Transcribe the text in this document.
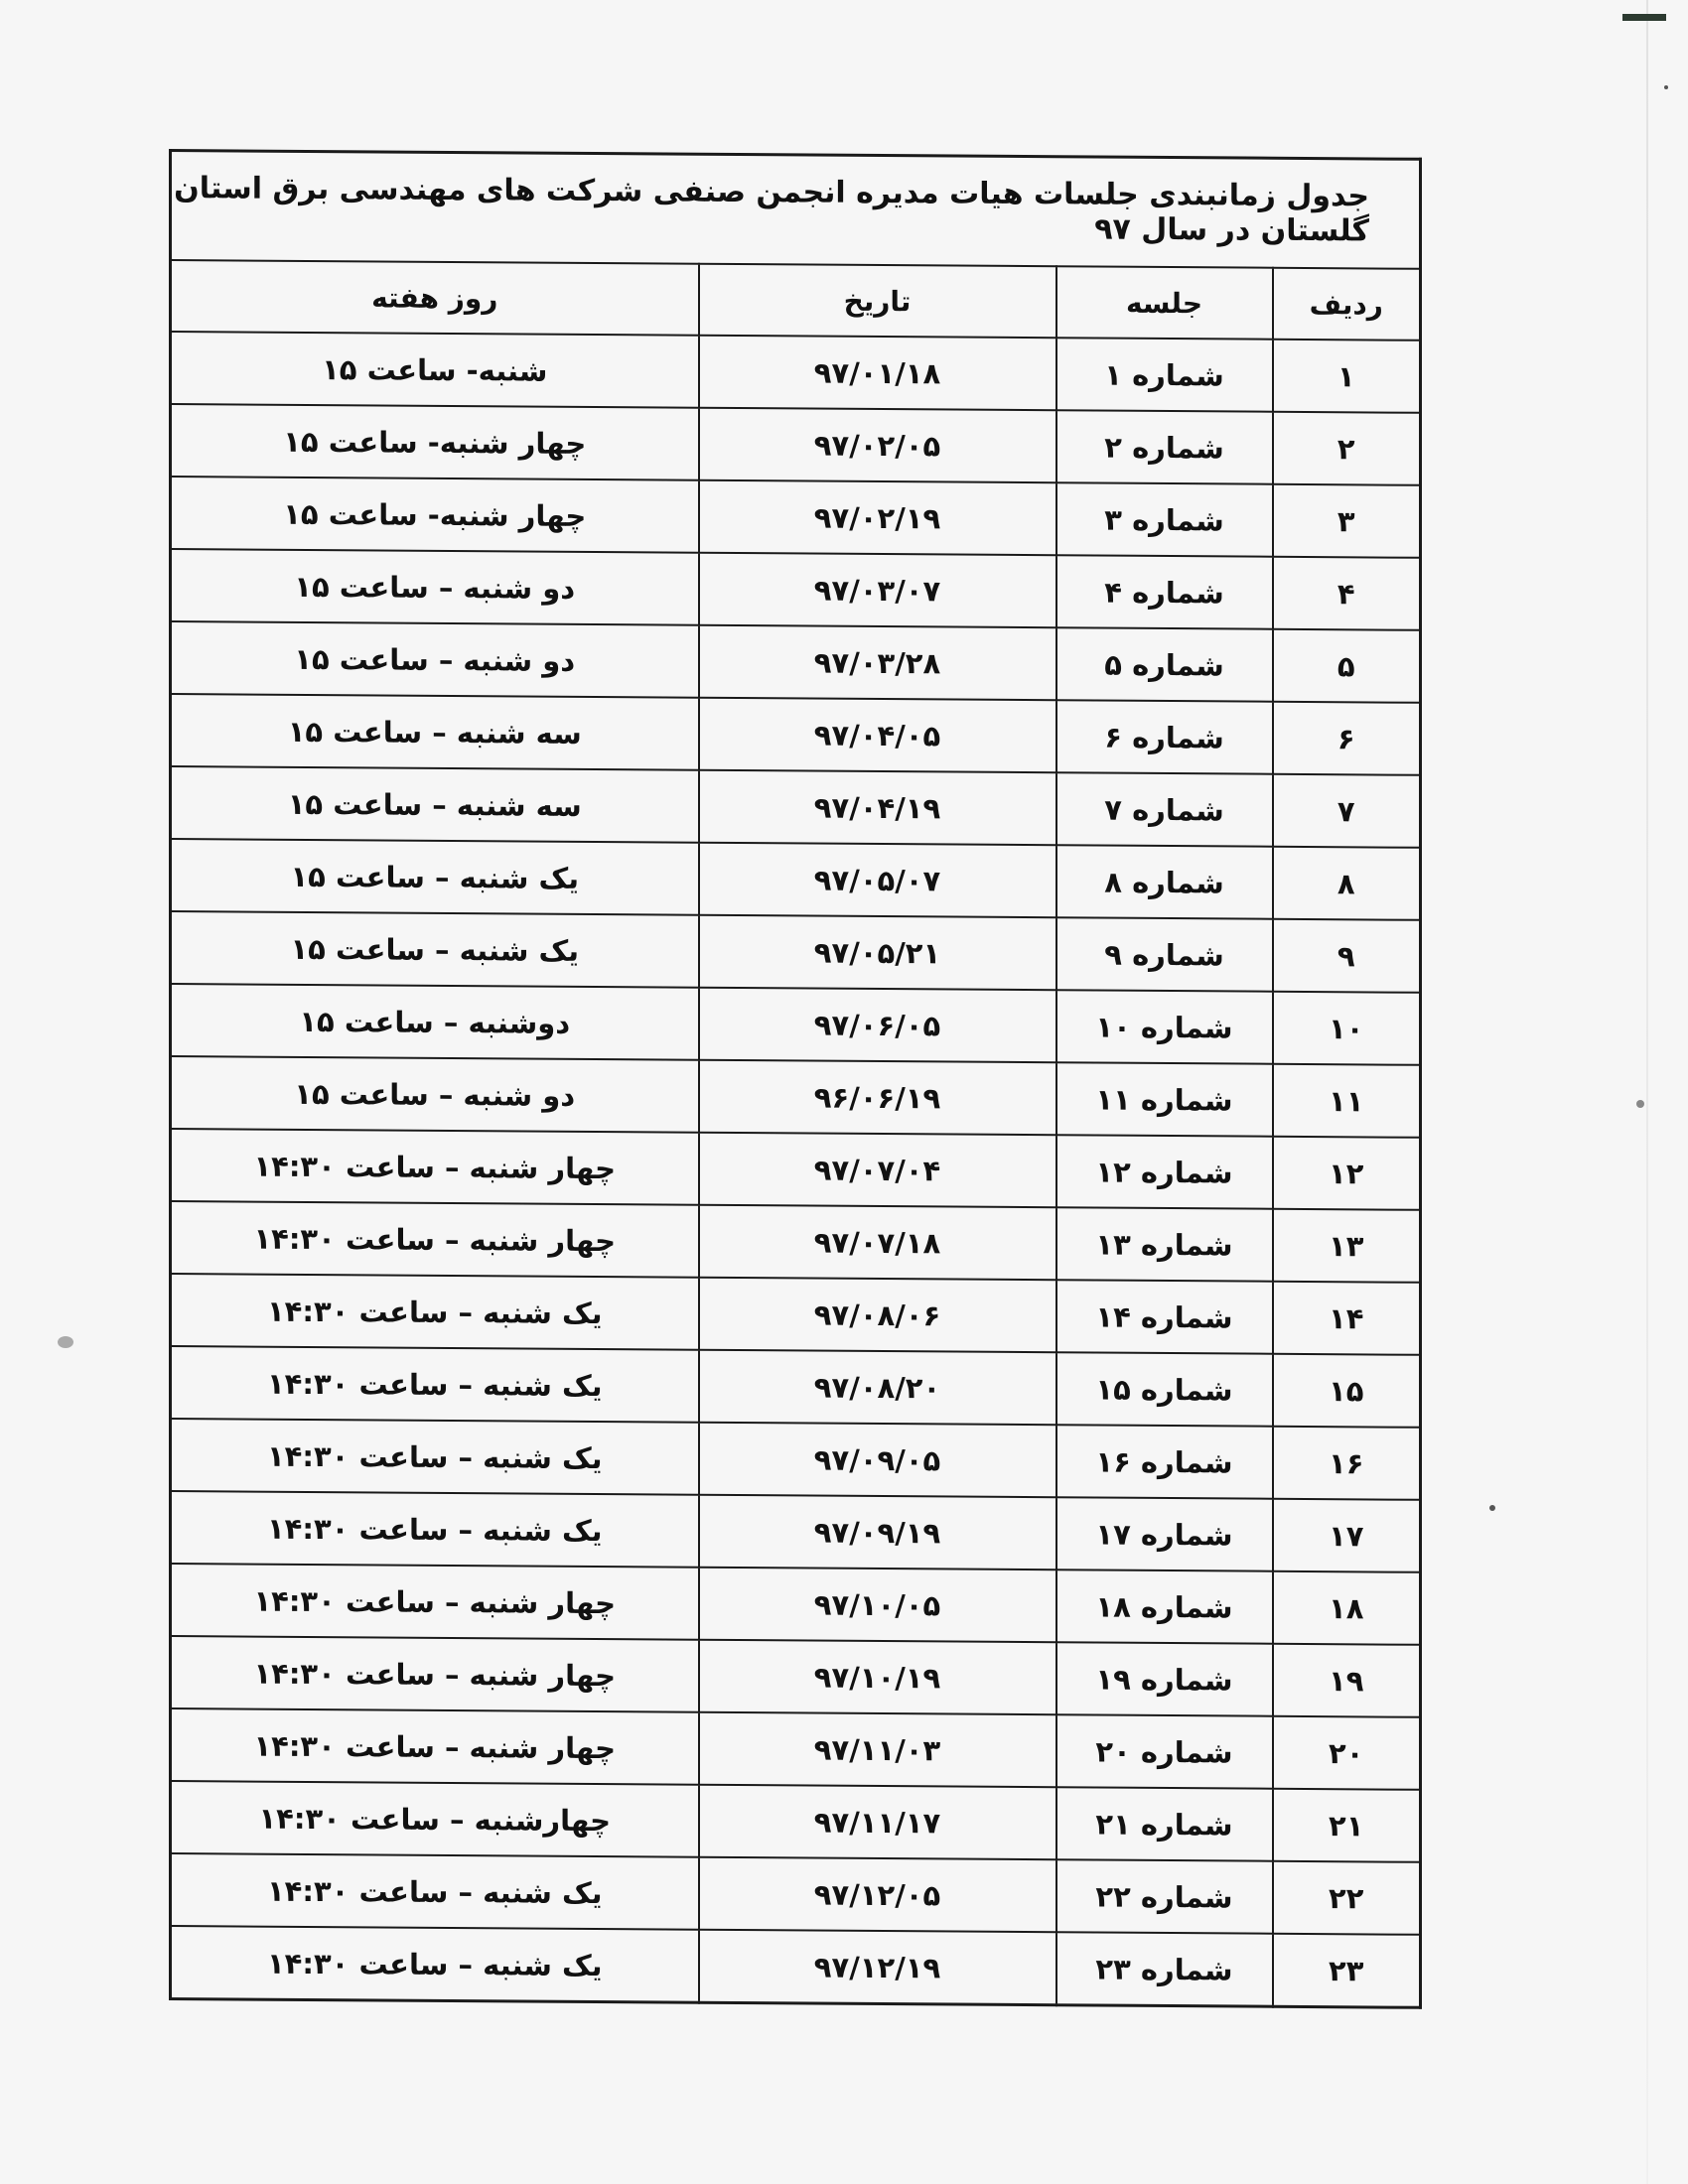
جدول زمانبندی جلسات هیات مدیره انجمن صنفی شرکت های مهندسی برق استان گلستان در سال ۹۷			
ردیف	جلسه	تاریخ	روز هفته
۱	شماره ۱	۹۷/۰۱/۱۸	شنبه- ساعت ۱۵
۲	شماره ۲	۹۷/۰۲/۰۵	چهار شنبه- ساعت ۱۵
۳	شماره ۳	۹۷/۰۲/۱۹	چهار شنبه- ساعت ۱۵
۴	شماره ۴	۹۷/۰۳/۰۷	دو شنبه – ساعت ۱۵
۵	شماره ۵	۹۷/۰۳/۲۸	دو شنبه – ساعت ۱۵
۶	شماره ۶	۹۷/۰۴/۰۵	سه شنبه – ساعت ۱۵
۷	شماره ۷	۹۷/۰۴/۱۹	سه شنبه – ساعت ۱۵
۸	شماره ۸	۹۷/۰۵/۰۷	یک شنبه – ساعت ۱۵
۹	شماره ۹	۹۷/۰۵/۲۱	یک شنبه – ساعت ۱۵
۱۰	شماره ۱۰	۹۷/۰۶/۰۵	دوشنبه – ساعت ۱۵
۱۱	شماره ۱۱	۹۶/۰۶/۱۹	دو شنبه – ساعت ۱۵
۱۲	شماره ۱۲	۹۷/۰۷/۰۴	چهار شنبه – ساعت ۱۴:۳۰
۱۳	شماره ۱۳	۹۷/۰۷/۱۸	چهار شنبه – ساعت ۱۴:۳۰
۱۴	شماره ۱۴	۹۷/۰۸/۰۶	یک شنبه – ساعت ۱۴:۳۰
۱۵	شماره ۱۵	۹۷/۰۸/۲۰	یک شنبه – ساعت ۱۴:۳۰
۱۶	شماره ۱۶	۹۷/۰۹/۰۵	یک شنبه – ساعت ۱۴:۳۰
۱۷	شماره ۱۷	۹۷/۰۹/۱۹	یک شنبه – ساعت ۱۴:۳۰
۱۸	شماره ۱۸	۹۷/۱۰/۰۵	چهار شنبه – ساعت ۱۴:۳۰
۱۹	شماره ۱۹	۹۷/۱۰/۱۹	چهار شنبه – ساعت ۱۴:۳۰
۲۰	شماره ۲۰	۹۷/۱۱/۰۳	چهار شنبه – ساعت ۱۴:۳۰
۲۱	شماره ۲۱	۹۷/۱۱/۱۷	چهارشنبه – ساعت ۱۴:۳۰
۲۲	شماره ۲۲	۹۷/۱۲/۰۵	یک شنبه – ساعت ۱۴:۳۰
۲۳	شماره ۲۳	۹۷/۱۲/۱۹	یک شنبه – ساعت ۱۴:۳۰
